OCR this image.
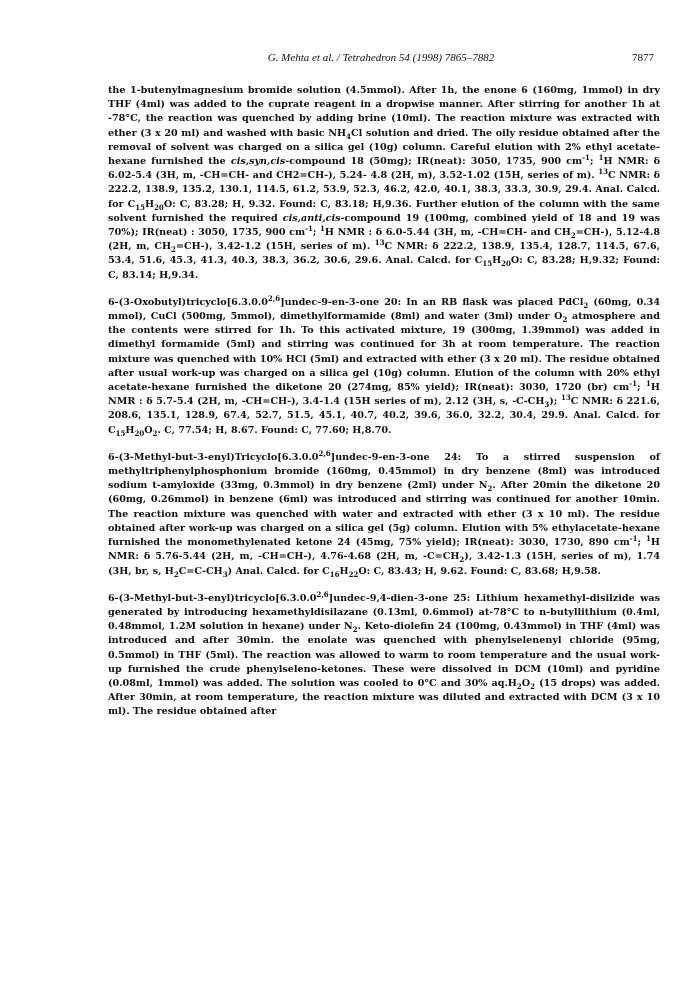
G. Mehta et al. / Tetrahedron 54 (1998) 7865–7882	7877

the 1-butenylmagnesium bromide solution (4.5mmol). After 1h, the enone 6 (160mg, 1mmol) in dry THF (4ml) was added to the cuprate reagent in a dropwise manner. After stirring for another 1h at -78°C, the reaction was quenched by adding brine (10ml). The reaction mixture was extracted with ether (3 x 20 ml) and washed with basic $NH_4Cl$ solution and dried. The oily residue obtained after the removal of solvent was charged on a silica gel (10g) column. Careful elution with 2% ethyl acetate-hexane furnished the cis,syn,cis-compound 18 (50mg); IR(neat): 3050, 1735, 900 $cm^{-1}$; $^1$H NMR: δ 6.02-5.4 (3H, m, -CH=CH- and CH2=CH-), 5.24- 4.8 (2H, m), 3.52-1.02 (15H, series of m). $^{13}$C NMR: δ 222.2, 138.9, 135.2, 130.1, 114.5, 61.2, 53.9, 52.3, 46.2, 42.0, 40.1, 38.3, 33.3, 30.9, 29.4. Anal. Calcd. for $C_{15}H_{20}O$: C, 83.28; H, 9.32. Found: C, 83.18; H,9.36. Further elution of the column with the same solvent furnished the required cis,anti,cis-compound 19 (100mg, combined yield of 18 and 19 was 70%); IR(neat) : 3050, 1735, 900 $cm^{-1}$; $^1$H NMR : δ 6.0-5.44 (3H, m, -CH=CH- and $CH_2=CH-$), 5.12-4.8 (2H, m, $CH_2=CH-$), 3.42-1.2 (15H, series of m). $^{13}$C NMR: δ 222.2, 138.9, 135.4, 128.7, 114.5, 67.6, 53.4, 51.6, 45.3, 41.3, 40.3, 38.3, 36.2, 30.6, 29.6. Anal. Calcd. for $C_{15}H_{20}O$: C, 83.28; H,9.32; Found: C, 83.14; H,9.34.

6-(3-Oxobutyl)tricyclo[6.3.0.0$^{2,6}$]undec-9-en-3-one 20: In an RB flask was placed PdCl$_2$ (60mg, 0.34 mmol), CuCl (500mg, 5mmol), dimethylformamide (8ml) and water (3ml) under $O_2$ atmosphere and the contents were stirred for 1h. To this activated mixture, 19 (300mg, 1.39mmol) was added in dimethyl formamide (5ml) and stirring was continued for 3h at room temperature. The reaction mixture was quenched with 10% HCl (5ml) and extracted with ether (3 x 20 ml). The residue obtained after usual work-up was charged on a silica gel (10g) column. Elution of the column with 20% ethyl acetate-hexane furnished the diketone 20 (274mg, 85% yield); IR(neat): 3030, 1720 (br) $cm^{-1}$; $^1$H NMR : δ 5.7-5.4 (2H, m, -CH=CH-), 3.4-1.4 (15H series of m), 2.12 (3H, s, $-C-CH_3$); $^{13}$C NMR: δ 221.6, 208.6, 135.1, 128.9, 67.4, 52.7, 51.5, 45.1, 40.7, 40.2, 39.6, 36.0, 32.2, 30.4, 29.9. Anal. Calcd. for $C_{15}H_{20}O_2$. C, 77.54; H, 8.67. Found: C, 77.60; H,8.70.

6-(3-Methyl-but-3-enyl)Tricyclo[6.3.0.0$^{2,6}$]undec-9-en-3-one 24: To a stirred suspension of methyltriphenylphosphonium bromide (160mg, 0.45mmol) in dry benzene (8ml) was introduced sodium t-amyloxide (33mg, 0.3mmol) in dry benzene (2ml) under $N_2$. After 20min the diketone 20 (60mg, 0.26mmol) in benzene (6ml) was introduced and stirring was continued for another 10min. The reaction mixture was quenched with water and extracted with ether (3 x 10 ml). The residue obtained after work-up was charged on a silica gel (5g) column. Elution with 5% ethylacetate-hexane furnished the monomethylenated ketone 24 (45mg, 75% yield); IR(neat): 3030, 1730, 890 $cm^{-1}$; $^1$H NMR: δ 5.76-5.44 (2H, m, -CH=CH-), 4.76-4.68 (2H, m, $-C=CH_2$), 3.42-1.3 (15H, series of m), 1.74 (3H, br, s, $H_2C=C-CH_3$) Anal. Calcd. for $C_{16}H_{22}O$: C, 83.43; H, 9.62. Found: C, 83.68; H,9.58.

6-(3-Methyl-but-3-enyl)tricyclo[6.3.0.0$^{2,6}$]undec-9,4-dien-3-one 25: Lithium hexamethyl-disilzide was generated by introducing hexamethyldisilazane (0.13ml, 0.6mmol) at-78°C to n-butyllithium (0.4ml, 0.48mmol, 1.2M solution in hexane) under $N_2$. Keto-diolefin 24 (100mg, 0.43mmol) in THF (4ml) was introduced and after 30min. the enolate was quenched with phenylselenenyl chloride (95mg, 0.5mmol) in THF (5ml). The reaction was allowed to warm to room temperature and the usual work-up furnished the crude phenylseleno-ketones. These were dissolved in DCM (10ml) and pyridine (0.08ml, 1mmol) was added. The solution was cooled to 0°C and 30% $aq.H_2O_2$ (15 drops) was added. After 30min, at room temperature, the reaction mixture was diluted and extracted with DCM (3 x 10 ml). The residue obtained after
